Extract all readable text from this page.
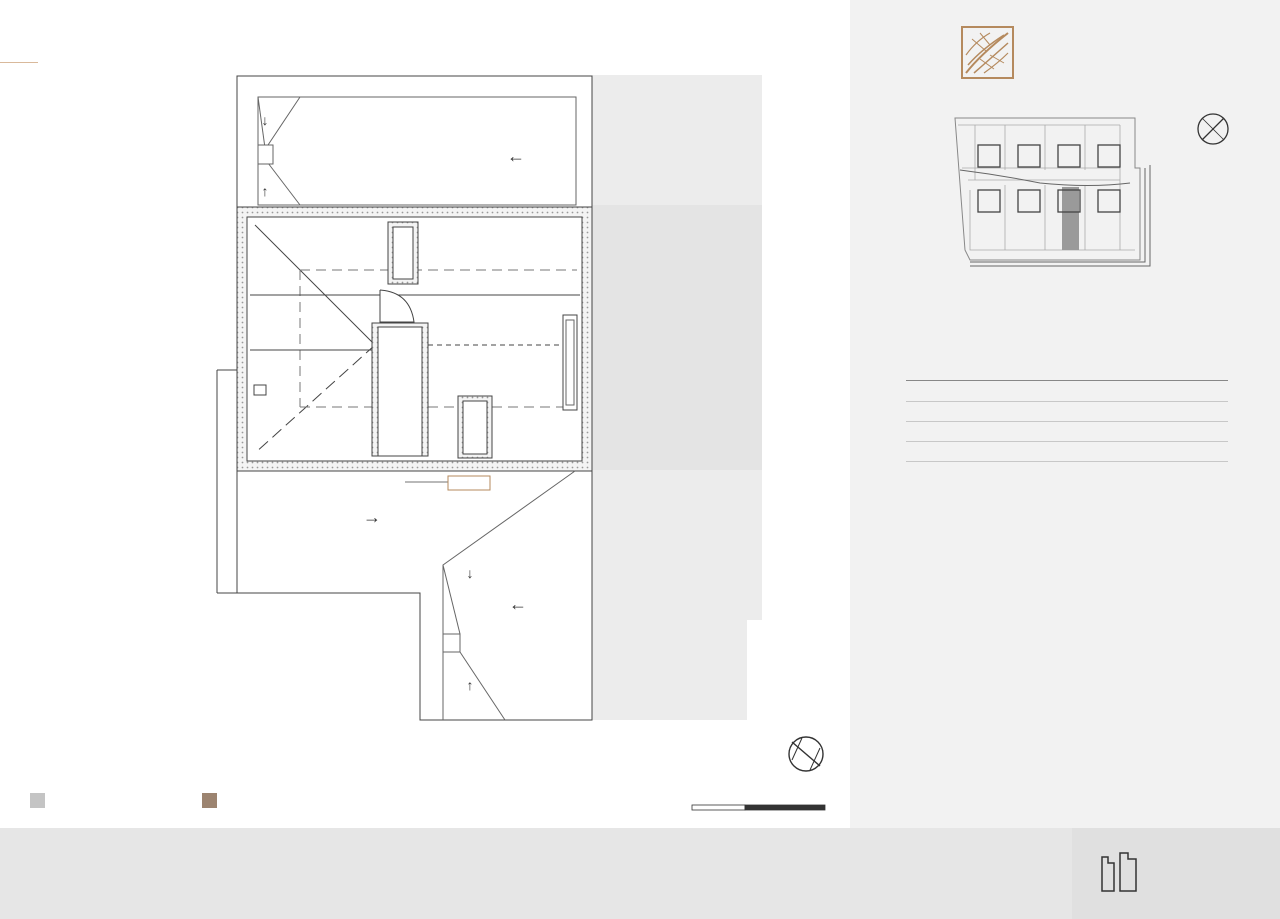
↓
↑
←
→
↓
←
↑
